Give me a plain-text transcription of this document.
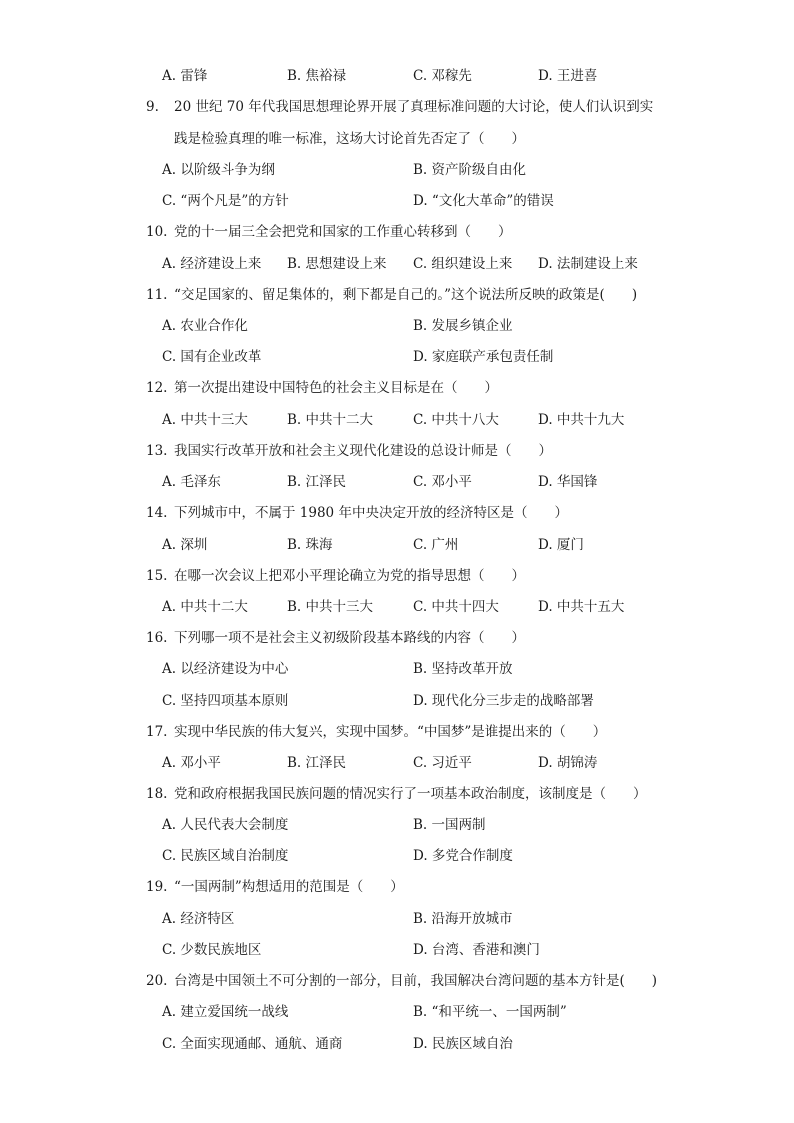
A. 雷锋	B. 焦裕禄	C. 邓稼先	D. 王进喜
9. 20 世纪 70 年代我国思想理论界开展了真理标准问题的大讨论，使人们认识到实
践是检验真理的唯一标准，这场大讨论首先否定了（　　）
A. 以阶级斗争为纲	B. 资产阶级自由化
C. “两个凡是”的方针	D. “文化大革命”的错误
10. 党的十一届三全会把党和国家的工作重心转移到（　　）
A. 经济建设上来 B. 思想建设上来 C. 组织建设上来 D. 法制建设上来
11. “交足国家的、留足集体的，剩下都是自己的。”这个说法所反映的政策是(　　)
A. 农业合作化	B. 发展乡镇企业
C. 国有企业改革	D. 家庭联产承包责任制
12. 第一次提出建设中国特色的社会主义目标是在（　　）
A. 中共十三大	B. 中共十二大	C. 中共十八大	D. 中共十九大
13. 我国实行改革开放和社会主义现代化建设的总设计师是（　　）
A. 毛泽东	B. 江泽民	C. 邓小平	D. 华国锋
14. 下列城市中，不属于 1980 年中央决定开放的经济特区是（　　）
A. 深圳	B. 珠海	C. 广州	D. 厦门
15. 在哪一次会议上把邓小平理论确立为党的指导思想（　　）
A. 中共十二大	B. 中共十三大	C. 中共十四大	D. 中共十五大
16. 下列哪一项不是社会主义初级阶段基本路线的内容（　　）
A. 以经济建设为中心	B. 坚持改革开放
C. 坚持四项基本原则	D. 现代化分三步走的战略部署
17. 实现中华民族的伟大复兴，实现中国梦。“中国梦”是谁提出来的（　　）
A. 邓小平	B. 江泽民	C. 习近平	D. 胡锦涛
18. 党和政府根据我国民族问题的情况实行了一项基本政治制度，该制度是（　　）
A. 人民代表大会制度	B. 一国两制
C. 民族区域自治制度	D. 多党合作制度
19. “一国两制”构想适用的范围是（　　）
A. 经济特区	B. 沿海开放城市
C. 少数民族地区	D. 台湾、香港和澳门
20. 台湾是中国领土不可分割的一部分，目前，我国解决台湾问题的基本方针是(　　)
A. 建立爱国统一战线	B. “和平统一、一国两制”
C. 全面实现通邮、通航、通商	D. 民族区域自治
